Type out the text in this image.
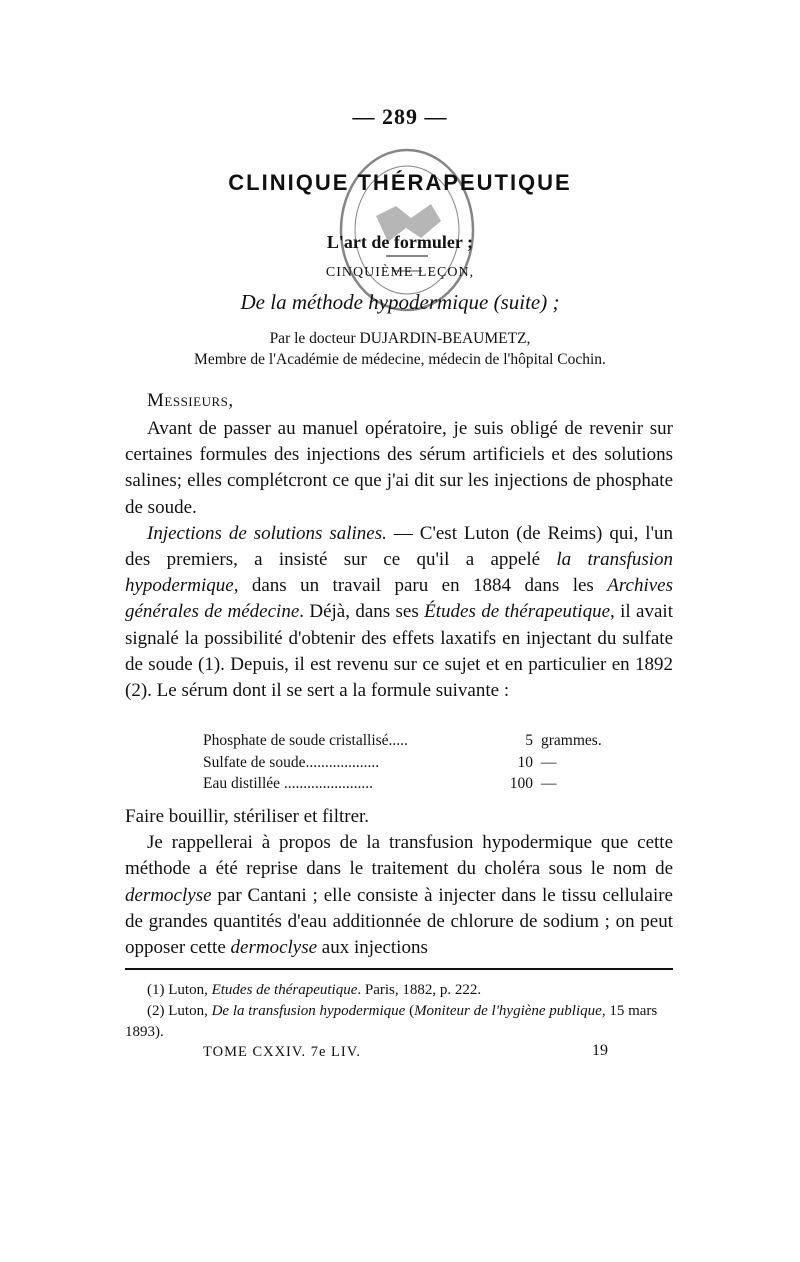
— 289 —
CLINIQUE THÉRAPEUTIQUE
L'art de formuler ;
CINQUIÈME LEÇON,
De la méthode hypodermique (suite) ;
Par le docteur DUJARDIN-BEAUMETZ,
Membre de l'Académie de médecine, médecin de l'hôpital Cochin.
Messieurs,

Avant de passer au manuel opératoire, je suis obligé de revenir sur certaines formules des injections des sérum artificiels et des solutions salines; elles complétcront ce que j'ai dit sur les injections de phosphate de soude.

Injections de solutions salines. — C'est Luton (de Reims) qui, l'un des premiers, a insisté sur ce qu'il a appelé la transfusion hypodermique, dans un travail paru en 1884 dans les Archives générales de médecine. Déjà, dans ses Études de thérapeutique, il avait signalé la possibilité d'obtenir des effets laxatifs en injectant du sulfate de soude (1). Depuis, il est revenu sur ce sujet et en particulier en 1892 (2). Le sérum dont il se sert a la formule suivante :

Phosphate de soude cristallisé.....	5 grammes.
Sulfate de soude...................	10 —
Eau distillée .......................	100 —

Faire bouillir, stériliser et filtrer.

Je rappellerai à propos de la transfusion hypodermique que cette méthode a été reprise dans le traitement du choléra sous le nom de dermoclyse par Cantani ; elle consiste à injecter dans le tissu cellulaire de grandes quantités d'eau additionnée de chlorure de sodium ; on peut opposer cette dermoclyse aux injections

(1) Luton, Etudes de thérapeutique. Paris, 1882, p. 222.

(2) Luton, De la transfusion hypodermique (Moniteur de l'hygiène publique, 15 mars 1893).

TOME CXXIV. 7e LIV.	19
